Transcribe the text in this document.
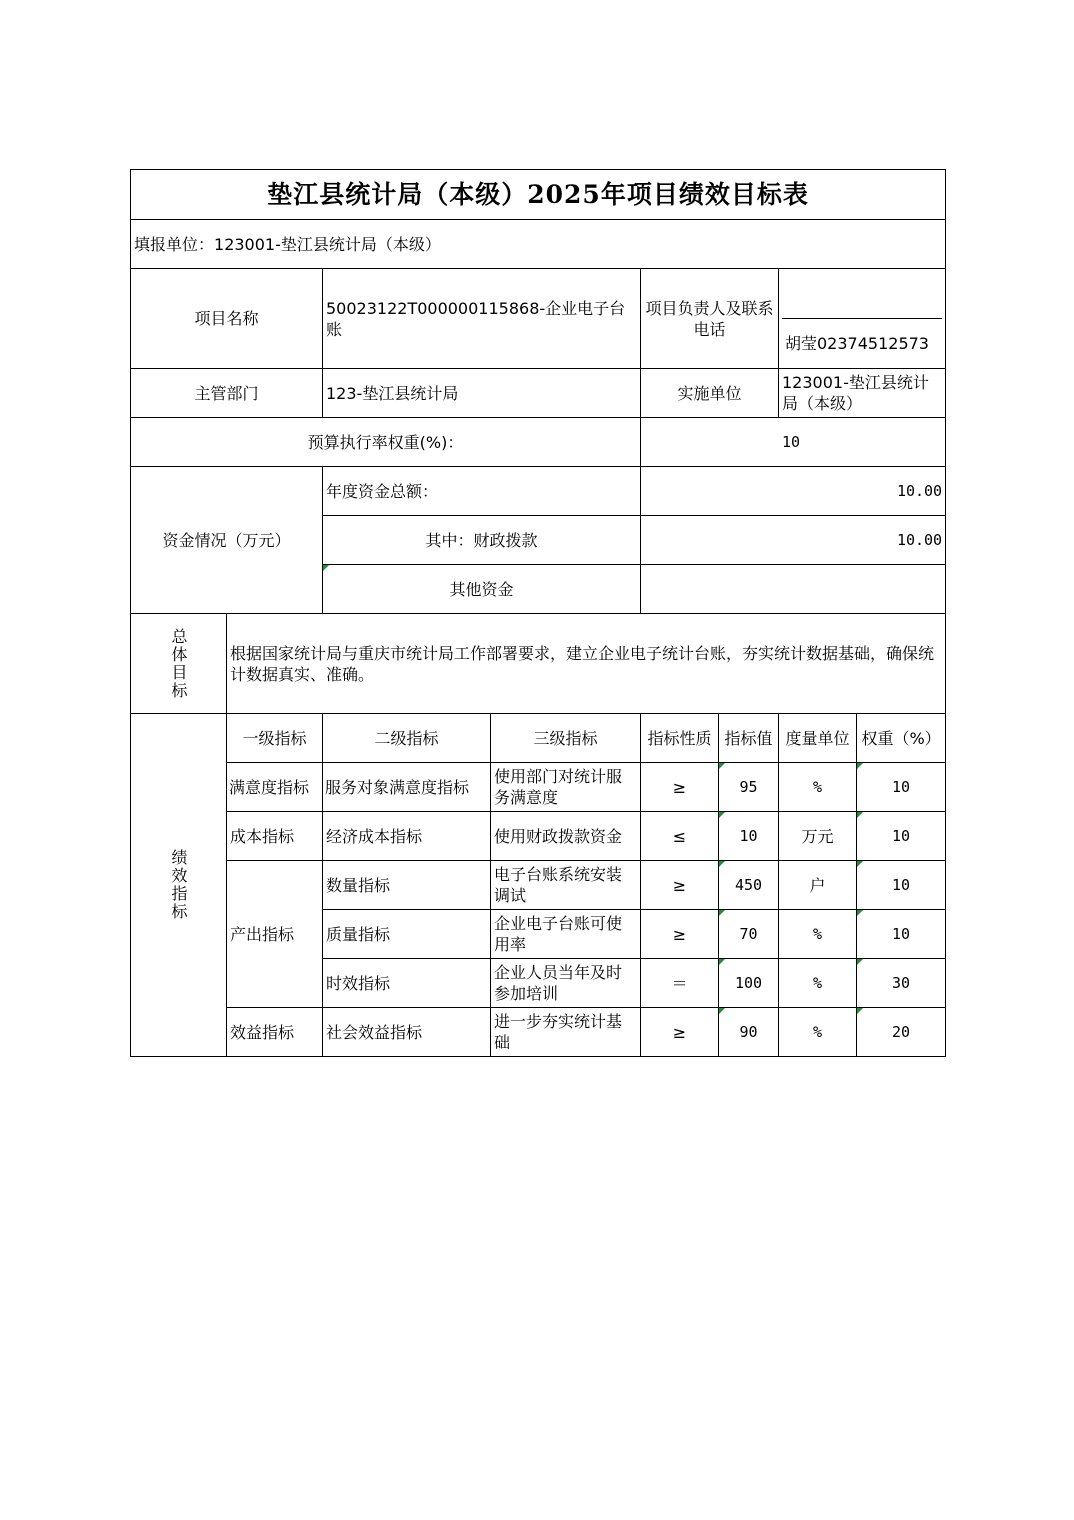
垫江县统计局（本级）2025年项目绩效目标表							
填报单位：123001-垫江县统计局（本级）							
项目名称		50023122T000000115868-企业电子台账		项目负责人及联系电话		胡莹02374512573	

主管部门		123-垫江县统计局		实施单位		123001-垫江县统计局（本级）	
预算执行率权重(%)：				10			
资金情况（万元）		年度资金总额：		10.00			
		其中：财政拨款		10.00			
		其他资金					

总体目标	根据国家统计局与重庆市统计局工作部署要求，建立企业电子统计台账，夯实统计数据基础，确保统计数据真实、准确。						

绩效指标	一级指标	二级指标	三级指标	指标性质	指标值	度量单位	权重（%）
	满意度指标	服务对象满意度指标	使用部门对统计服务满意度	≥	95	%	10
	成本指标	经济成本指标	使用财政拨款资金	≤	10	万元	10
	产出指标	数量指标	电子台账系统安装调试	≥	450	户	10
		质量指标	企业电子台账可使用率	≥	70	%	10
		时效指标	企业人员当年及时参加培训	＝	100	%	30
	效益指标	社会效益指标	进一步夯实统计基础	≥	90	%	20
